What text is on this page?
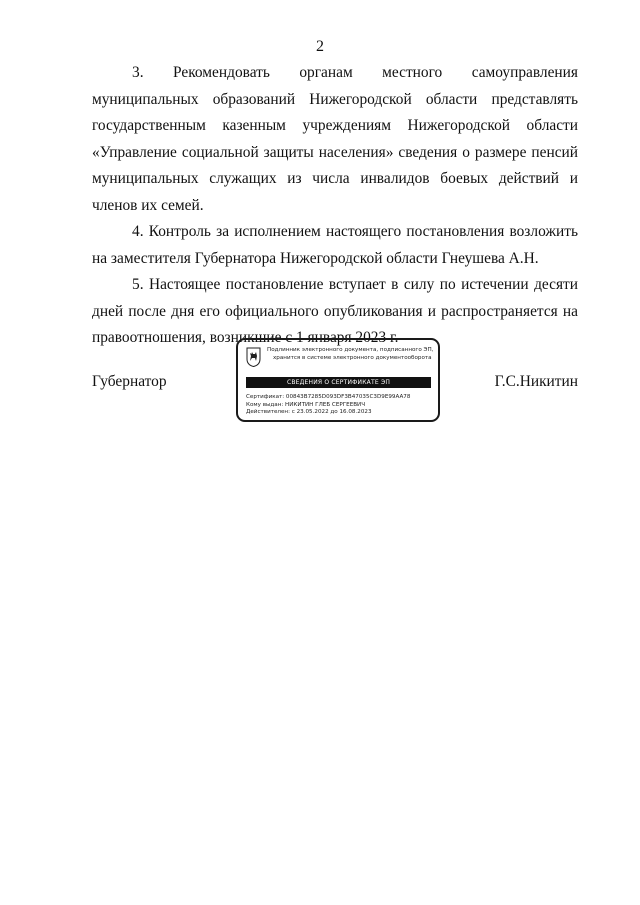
2

3. Рекомендовать органам местного самоуправления муниципальных образований Нижегородской области представлять государственным казенным учреждениям Нижегородской области «Управление социальной защиты населения» сведения о размере пенсий муниципальных служащих из числа инвалидов боевых действий и членов их семей.

4. Контроль за исполнением настоящего постановления возложить на заместителя Губернатора Нижегородской области Гнеушева А.Н.

5. Настоящее постановление вступает в силу по истечении десяти дней после дня его официального опубликования и распространяется на правоотношения, возникшие с 1 января 2023 г.

Губернатор
Подлинник электронного документа, подписанного ЭП,
хранится в системе электронного документооборота
СВЕДЕНИЯ О СЕРТИФИКАТЕ ЭП
Сертификат: 00843B7285D093DF3B47035C3D9E99AA78
Кому выдан: НИКИТИН ГЛЕБ СЕРГЕЕВИЧ
Действителен: с 23.05.2022 до 16.08.2023
Г.С.Никитин
